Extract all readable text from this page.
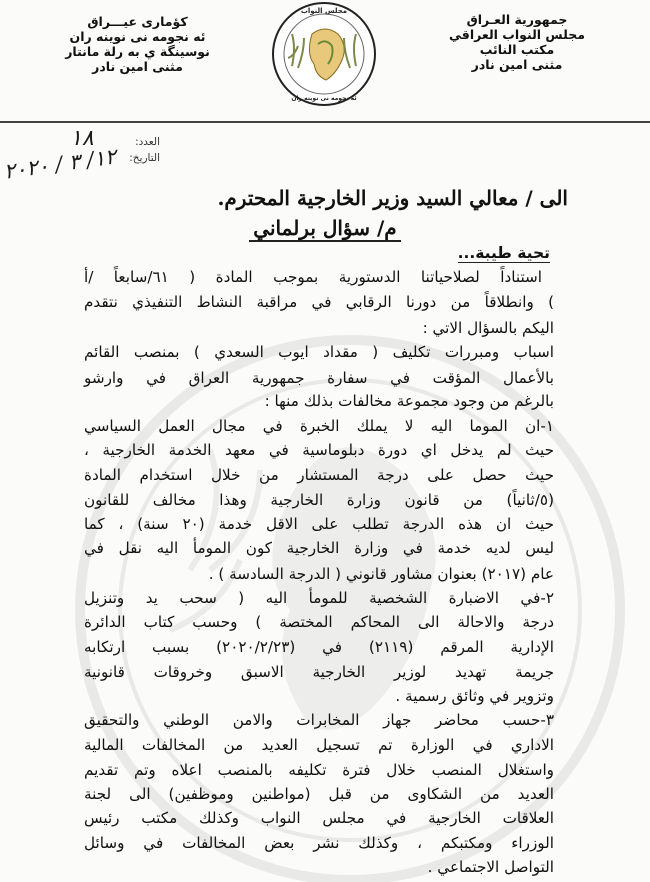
جمهورية العـراق
مجلس النواب العراقي
مكتب النائب
مثنى امين نادر
كؤمارى عيـــراق
ئه نجومه نى نوينه ران
نوسينگة ي به رلة مانتار
مثنى امين نادر
مجلس النواب
ئه نجومه نى نوينه ران
العدد:
التاريخ:
١٨
١٢/ ٣ / ٢٠٢٠
الى / معالي السيد وزير الخارجية المحترم.
م/ سؤال برلماني
تحية طيبة...
استناداً لصلاحياتنا الدستورية بموجب المادة ( ٦١/سابعاً /أ
) وانطلاقاً من دورنا الرقابي في مراقبة النشاط التنفيذي نتقدم
اليكم بالسؤال الاتي :
اسباب ومبررات تكليف ( مقداد ايوب السعدي ) بمنصب القائم
بالأعمال المؤقت في سفارة جمهورية العراق في وارشو
بالرغم من وجود مجموعة مخالفات بذلك منها :
١-ان الموما اليه لا يملك الخبرة في مجال العمل السياسي
حيث لم يدخل اي دورة دبلوماسية في معهد الخدمة الخارجية ،
حيث حصل على درجة المستشار من خلال استخدام المادة
(٥/ثانياً) من قانون وزارة الخارجية وهذا مخالف للقانون
حيث ان هذه الدرجة تطلب على الاقل خدمة (٢٠ سنة) ، كما
ليس لديه خدمة في وزارة الخارجية كون المومأ اليه نقل في
عام (٢٠١٧) بعنوان مشاور قانوني ( الدرجة السادسة ) .
٢-في الاضبارة الشخصية للمومأ اليه ( سحب يد وتنزيل
درجة والاحالة الى المحاكم المختصة ) وحسب كتاب الدائرة
الإدارية المرقم (٢١١٩) في (٢٠٢٠/٢/٢٣) بسبب ارتكابه
جريمة تهديد لوزير الخارجية الاسبق وخروقات قانونية
وتزوير في وثائق رسمية .
٣-حسب محاضر جهاز المخابرات والامن الوطني والتحقيق
الاداري في الوزارة تم تسجيل العديد من المخالفات المالية
واستغلال المنصب خلال فترة تكليفه بالمنصب اعلاه وتم تقديم
العديد من الشكاوى من قبل (مواطنين وموظفين) الى لجنة
العلاقات الخارجية في مجلس النواب وكذلك مكتب رئيس
الوزراء ومكتبكم ، وكذلك نشر بعض المخالفات في وسائل
التواصل الاجتماعي .
